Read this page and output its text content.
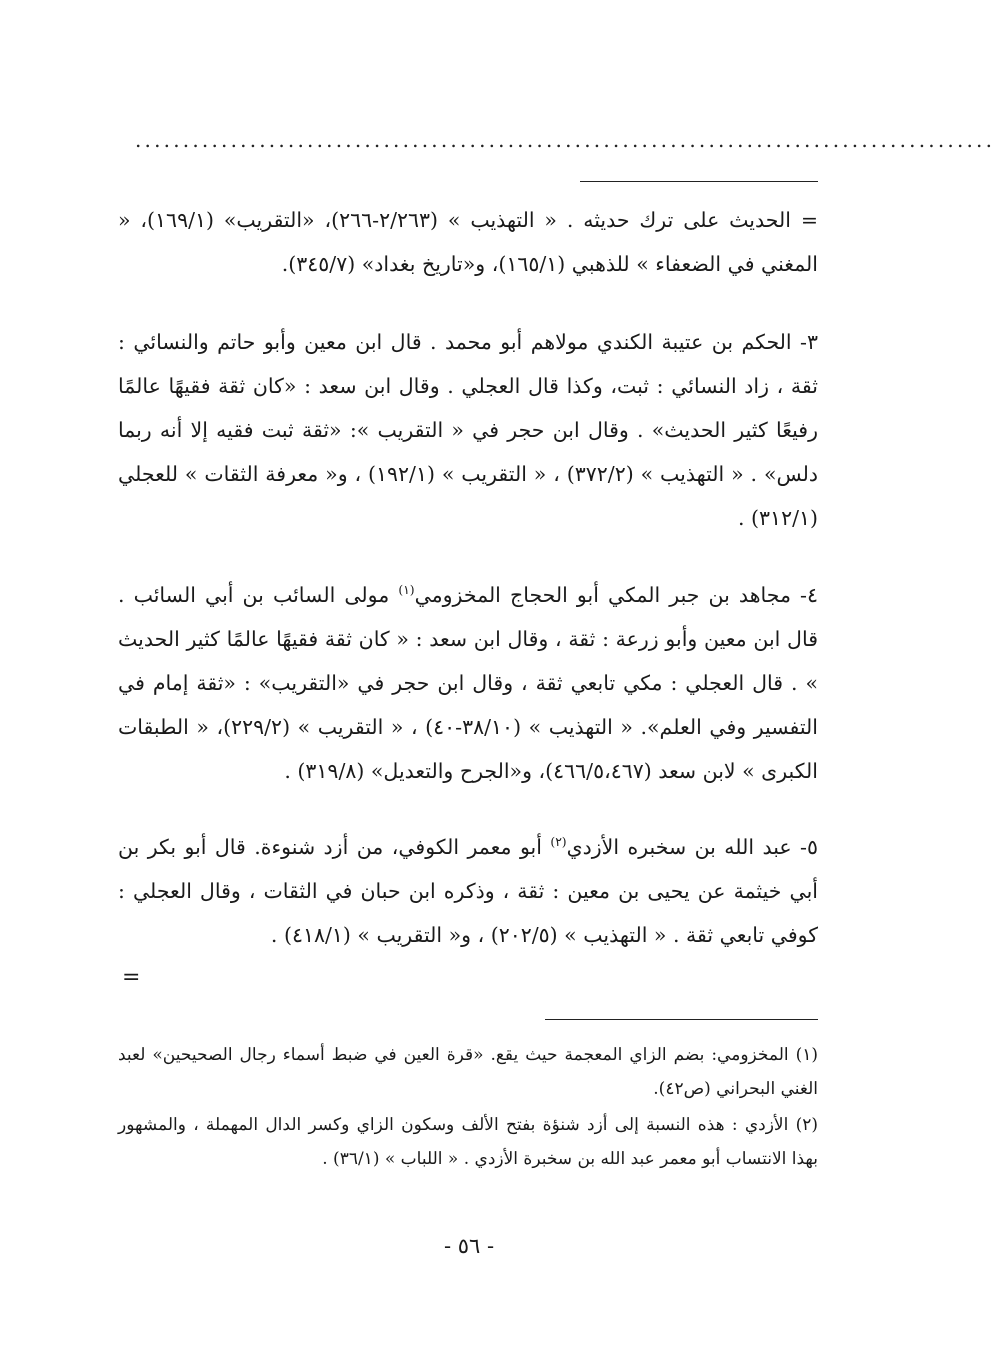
..........................................................................................

= الحديث على ترك حديثه . « التهذيب » (٢/٢٦٣-٢٦٦)، «التقريب» (١٦٩/١)، « المغني في الضعفاء » للذهبي (١٦٥/١)، و«تاريخ بغداد» (٣٤٥/٧).

٣- الحكم بن عتيبة الكندي مولاهم أبو محمد . قال ابن معين وأبو حاتم والنسائي : ثقة ، زاد النسائي : ثبت، وكذا قال العجلي . وقال ابن سعد : «كان ثقة فقيهًا عالمًا رفيعًا كثير الحديث» . وقال ابن حجر في « التقريب »: «ثقة ثبت فقيه إلا أنه ربما دلس» . « التهذيب » (٣٧٢/٢) ، « التقريب » (١٩٢/١) ، و« معرفة الثقات » للعجلي (٣١٢/١) .

٤- مجاهد بن جبر المكي أبو الحجاج المخزومي$^{(١)}$ مولى السائب بن أبي السائب . قال ابن معين وأبو زرعة : ثقة ، وقال ابن سعد : « كان ثقة فقيهًا عالمًا كثير الحديث » . قال العجلي : مكي تابعي ثقة ، وقال ابن حجر في «التقريب» : «ثقة إمام في التفسير وفي العلم». « التهذيب » (٣٨/١٠-٤٠) ، « التقريب » (٢٢٩/٢)، « الطبقات الكبرى » لابن سعد (٤٦٦/٥،٤٦٧)، و«الجرح والتعديل» (٣١٩/٨) .

٥- عبد الله بن سخبره الأزدي$^{(٢)}$ أبو معمر الكوفي، من أزد شنوءة. قال أبو بكر بن أبي خيثمة عن يحيى بن معين : ثقة ، وذكره ابن حبان في الثقات ، وقال العجلي : كوفي تابعي ثقة . « التهذيب » (٢٠٢/٥) ، و« التقريب » (٤١٨/١) .

=

(١) المخزومي: بضم الزاي المعجمة حيث يقع. «قرة العين في ضبط أسماء رجال الصحيحين» لعبد الغني البحراني (ص٤٢).

(٢) الأزدي : هذه النسبة إلى أزد شنؤة بفتح الألف وسكون الزاي وكسر الدال المهملة ، والمشهور بهذا الانتساب أبو معمر عبد الله بن سخبرة الأزدي . « اللباب » (٣٦/١) .

- ٥٦ -
